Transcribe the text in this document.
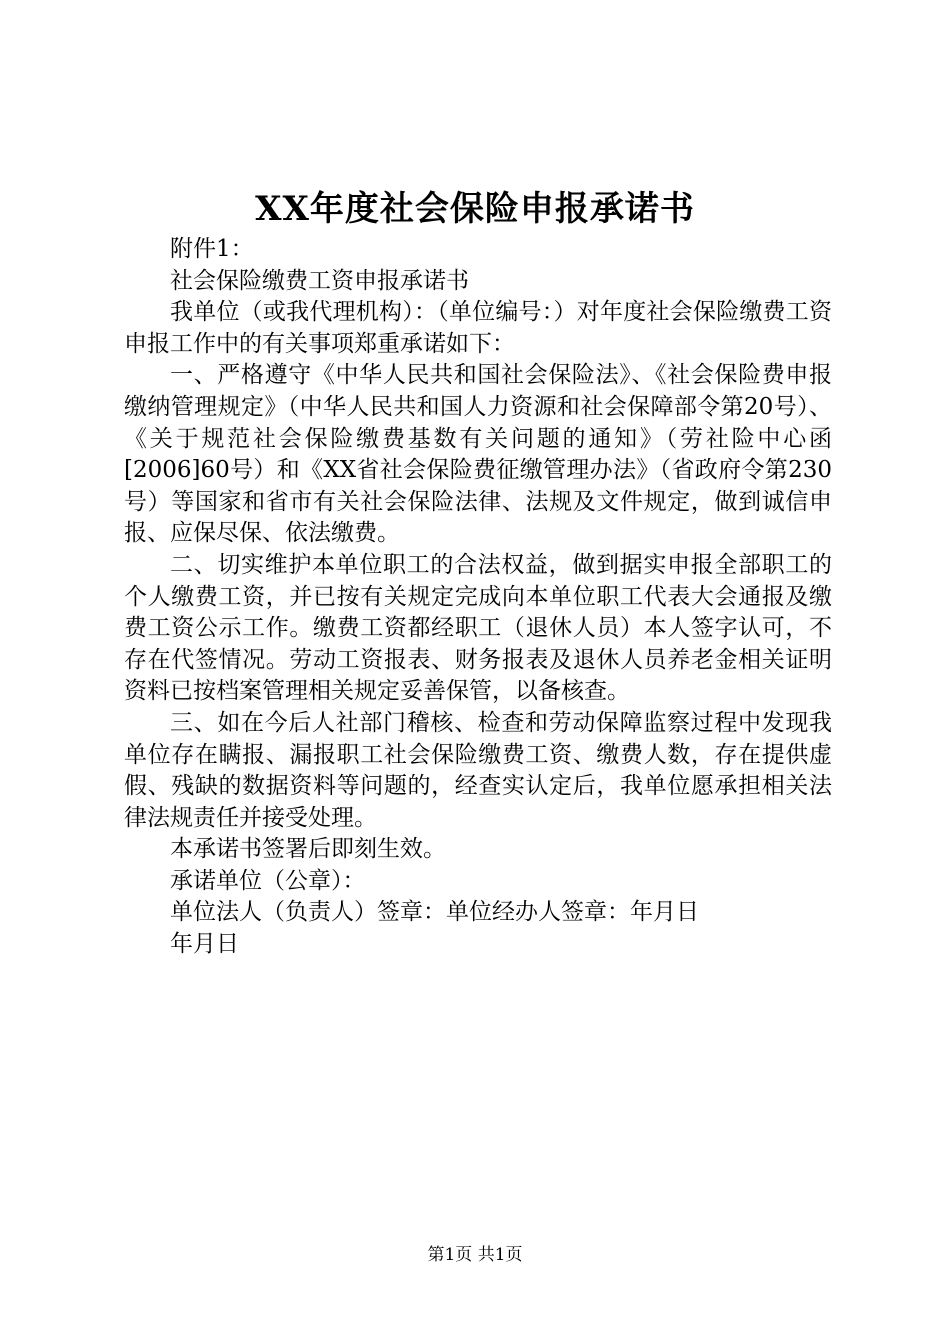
XX年度社会保险申报承诺书

附件1：

社会保险缴费工资申报承诺书

我单位（或我代理机构）：（单位编号：）对年度社会保险缴费工资申报工作中的有关事项郑重承诺如下：

一、严格遵守《中华人民共和国社会保险法》、《社会保险费申报缴纳管理规定》（中华人民共和国人力资源和社会保障部令第20号）、《关于规范社会保险缴费基数有关问题的通知》（劳社险中心函[2006]60号）和《XX省社会保险费征缴管理办法》（省政府令第230号）等国家和省市有关社会保险法律、法规及文件规定，做到诚信申报、应保尽保、依法缴费。

二、切实维护本单位职工的合法权益，做到据实申报全部职工的个人缴费工资，并已按有关规定完成向本单位职工代表大会通报及缴费工资公示工作。缴费工资都经职工（退休人员）本人签字认可，不存在代签情况。劳动工资报表、财务报表及退休人员养老金相关证明资料已按档案管理相关规定妥善保管，以备核查。

三、如在今后人社部门稽核、检查和劳动保障监察过程中发现我单位存在瞒报、漏报职工社会保险缴费工资、缴费人数，存在提供虚假、残缺的数据资料等问题的，经查实认定后，我单位愿承担相关法律法规责任并接受处理。

本承诺书签署后即刻生效。

承诺单位（公章）：

单位法人（负责人）签章：单位经办人签章：年月日

年月日

第1页 共1页
